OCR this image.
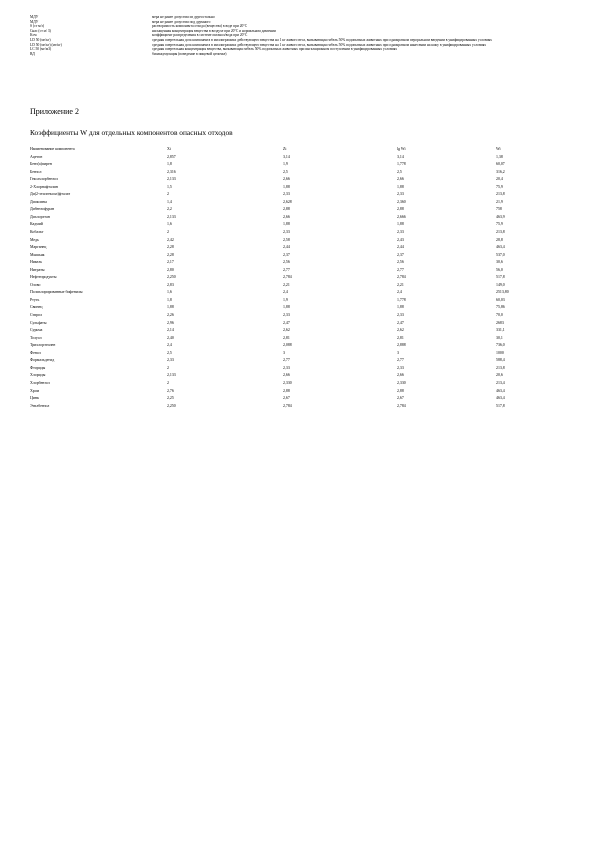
МДУ	мера не ранее допустим из дуреостольно
МДУ	мера не ранее допустим под дурмного
S (ст м/з)	растворимость компонента отхода (вещества) в воде при 20°С
Снас (ст м/ 3)	насыщенная концентрация вещества в воздухе при 20°С и нормальном давлении
Kow	коэффициент распределения в системе октанол/вода при 20°С
LD 50 (мг/кг)	средняя смертельная доза компонента в миллиграммах действующего вещества на 1 кг живого веса, вызывающая гибель 50% подопытных животных при однократном пероральном введении в унифицированных условиях
LD 50 (мг/кг) (мг/кг)	средняя смертельная доза компонента в миллиграммах действующего вещества на 1 кг живого веса, вызывающая гибель 50% подопытных животных при однократном нанесении на кожу в унифицированных условиях
LС 50 (мг/м3)	средняя смертельная концентрация вещества, вызывающая гибель 50% подопытных животных при ингаляционном поступлении в унифицированных условиях
ВД	биоаккумуляция (поведение в пищевой цепочке)
Приложение 2
Коэффициенты W для отдельных компонентов опасных отходов
Наименование компонента	Xi	Zi	lg Wi	Wi
Ацетон	2,857	3,14	3,14	1,38
Бенз(а)пирен	1,8	1,9	1,778	60,07
Бензол	2,316	2,5	2,5	316,2
Гексахлорбензол	2,133	2,66	2,66	20,4
2-Хлорнафталин	1,5	1,88	1,88	75,9
Ди(2-этилгексил)фталат	2	2,33	2,33	213,8
Диоксины	1,4	2,628	2,360	21,9
Дибензофуран	2,2	2,88	2,88	758
Дихлорэтан	2,133	2,66	2,666	463,9
Кадмий	1,6	1,88	1,88	75,9
Кобальт	2	2,33	2,33	213,8
Медь	2,42	2,58	2,43	28,8
Марганец	2,28	2,44	2,44	463,4
Мышьяк	2,28	2,37	2,37	537,0
Никель	2,17	2,56	2,56	30,6
Нитраты	2,80	2,77	2,77	56,0
Нефтепродукты	2,250	2,784	2,784	517,8
Олово	2,83	2,21	2,21	149,0
Полихлорированные бифенилы	1,6	2,4	2,4	2513,80
Ртуть	1,8	1,9	1,778	60,03
Свинец	1,88	1,88	1,88	75,86
Стирол	2,26	2,33	2,33	70,0
Сульфаты	2,96	2,47	2,47	2683
Сурьма	2,14	2,62	2,62	331,1
Толуол	2,40	2,81	2,81	30,1
Трихлорэтилен	2,4	2,088	2,888	736,0
Фенол	2,5	3	3	1000
Формальдегид	2,33	2,77	2,77	588,4
Фториды	2	2,33	2,33	213,8
Хлориды	2,133	2,66	2,66	20,6
Хлорбензол	2	2,330	2,330	213,4
Хром	2,76	2,88	2,88	463,4
Цинк	2,25	2,67	2,67	463,4
Этилбензол	2,250	2,784	2,784	517,8
